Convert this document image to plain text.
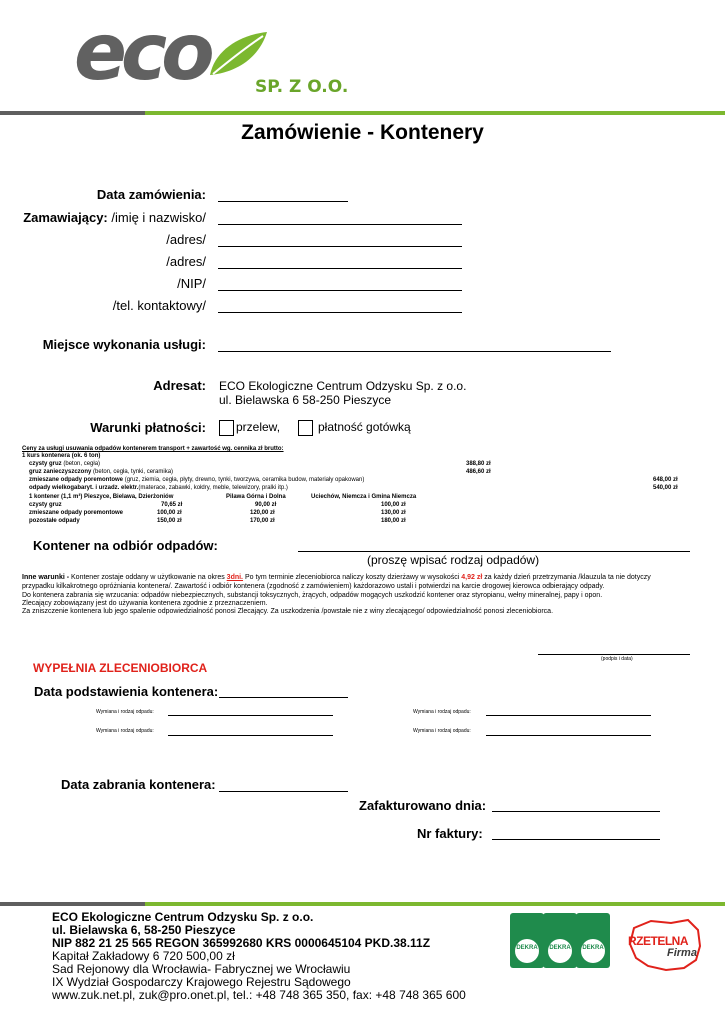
eco	SP. Z O.O.
Zamówienie - Kontenery
Data zamówienia:
Zamawiający: /imię i nazwisko/
/adres/
/adres/
/NIP/
/tel. kontaktowy/
Miejsce wykonania usługi:
Adresat: ECO Ekologiczne Centrum Odzysku Sp. z o.o.
ul. Bielawska 6 58-250 Pieszyce
Warunki płatności:	przelew,	płatność gotówką
Ceny za usługi usuwania odpadów kontenerem transport + zawartość wg. cennika zł brutto:
1 kurs kontenera (ok. 6 ton)
czysty gruz (beton, cegła)	388,80 zł
gruz zanieczyszczony (beton, cegła, tynki, ceramika)	486,60 zł
zmieszane odpady poremontowe (gruz, ziemia, cegła, płyty, drewno, tynki, tworzywa, ceramika budow, materiały opakowan)	648,00 zł
odpady wielkogabaryt. i urzadz. elektr.(materace, zabawki, kołdry, meble, telewizory, pralki itp.)	540,00 zł
1 kontener (1,1 m³) Pieszyce, Bielawa, Dzierżoniów	Pilawa Górna i Dolna	Uciechów, Niemcza i Gmina Niemcza
czysty gruz	70,65 zł	90,00 zł	100,00 zł
zmieszane odpady poremontowe	100,00 zł	120,00 zł	130,00 zł
pozostałe odpady	150,00 zł	170,00 zł	180,00 zł
Kontener na odbiór odpadów:
(proszę wpisać rodzaj odpadów)
Inne warunki - Kontener zostaje oddany w użytkowanie na okres 3dni. Po tym terminie zleceniobiorca naliczy koszty dzierżawy w wysokości 4,92 zł za każdy dzień przetrzymania /klauzula ta nie dotyczy
przypadku kilkakrotnego opróżniania kontenera/. Zawartość i odbiór kontenera (zgodność z zamówieniem) każdorazowo ustali i potwierdzi na karcie drogowej kierowca odbierający odpady.
Do kontenera zabrania się wrzucania: odpadów niebezpiecznych, substancji toksycznych, żrących, odpadów mogących uszkodzić kontener oraz styropianu, wełny mineralnej, papy i opon.
Zlecający zobowiązany jest do używania kontenera zgodnie z przeznaczeniem.
Za zniszczenie kontenera lub jego spalenie odpowiedzialność ponosi Zlecający. Za uszkodzenia /powstałe nie z winy zlecającego/ odpowiedzialność ponosi zleceniobiorca.
(podpis i data)
WYPEŁNIA ZLECENIOBIORCA
Data podstawienia kontenera:
Wymiana i rodzaj odpadu:	Wymiana i rodzaj odpadu:
Wymiana i rodzaj odpadu:	Wymiana i rodzaj odpadu:
Data zabrania kontenera:
Zafakturowano dnia:
Nr faktury:
ECO Ekologiczne Centrum Odzysku Sp. z o.o.
ul. Bielawska 6, 58-250 Pieszyce
NIP 882 21 25 565 REGON 365992680 KRS 0000645104 PKD.38.11Z
Kapitał Zakładowy 6 720 500,00 zł
Sad Rejonowy dla Wrocławia- Fabrycznej we Wrocławiu
IX Wydział Gospodarczy Krajowego Rejestru Sądowego
www.zuk.net.pl, zuk@pro.onet.pl, tel.: +48 748 365 350, fax: +48 748 365 600
DEKRA DEKRA DEKRA RZETELNA
Firma
